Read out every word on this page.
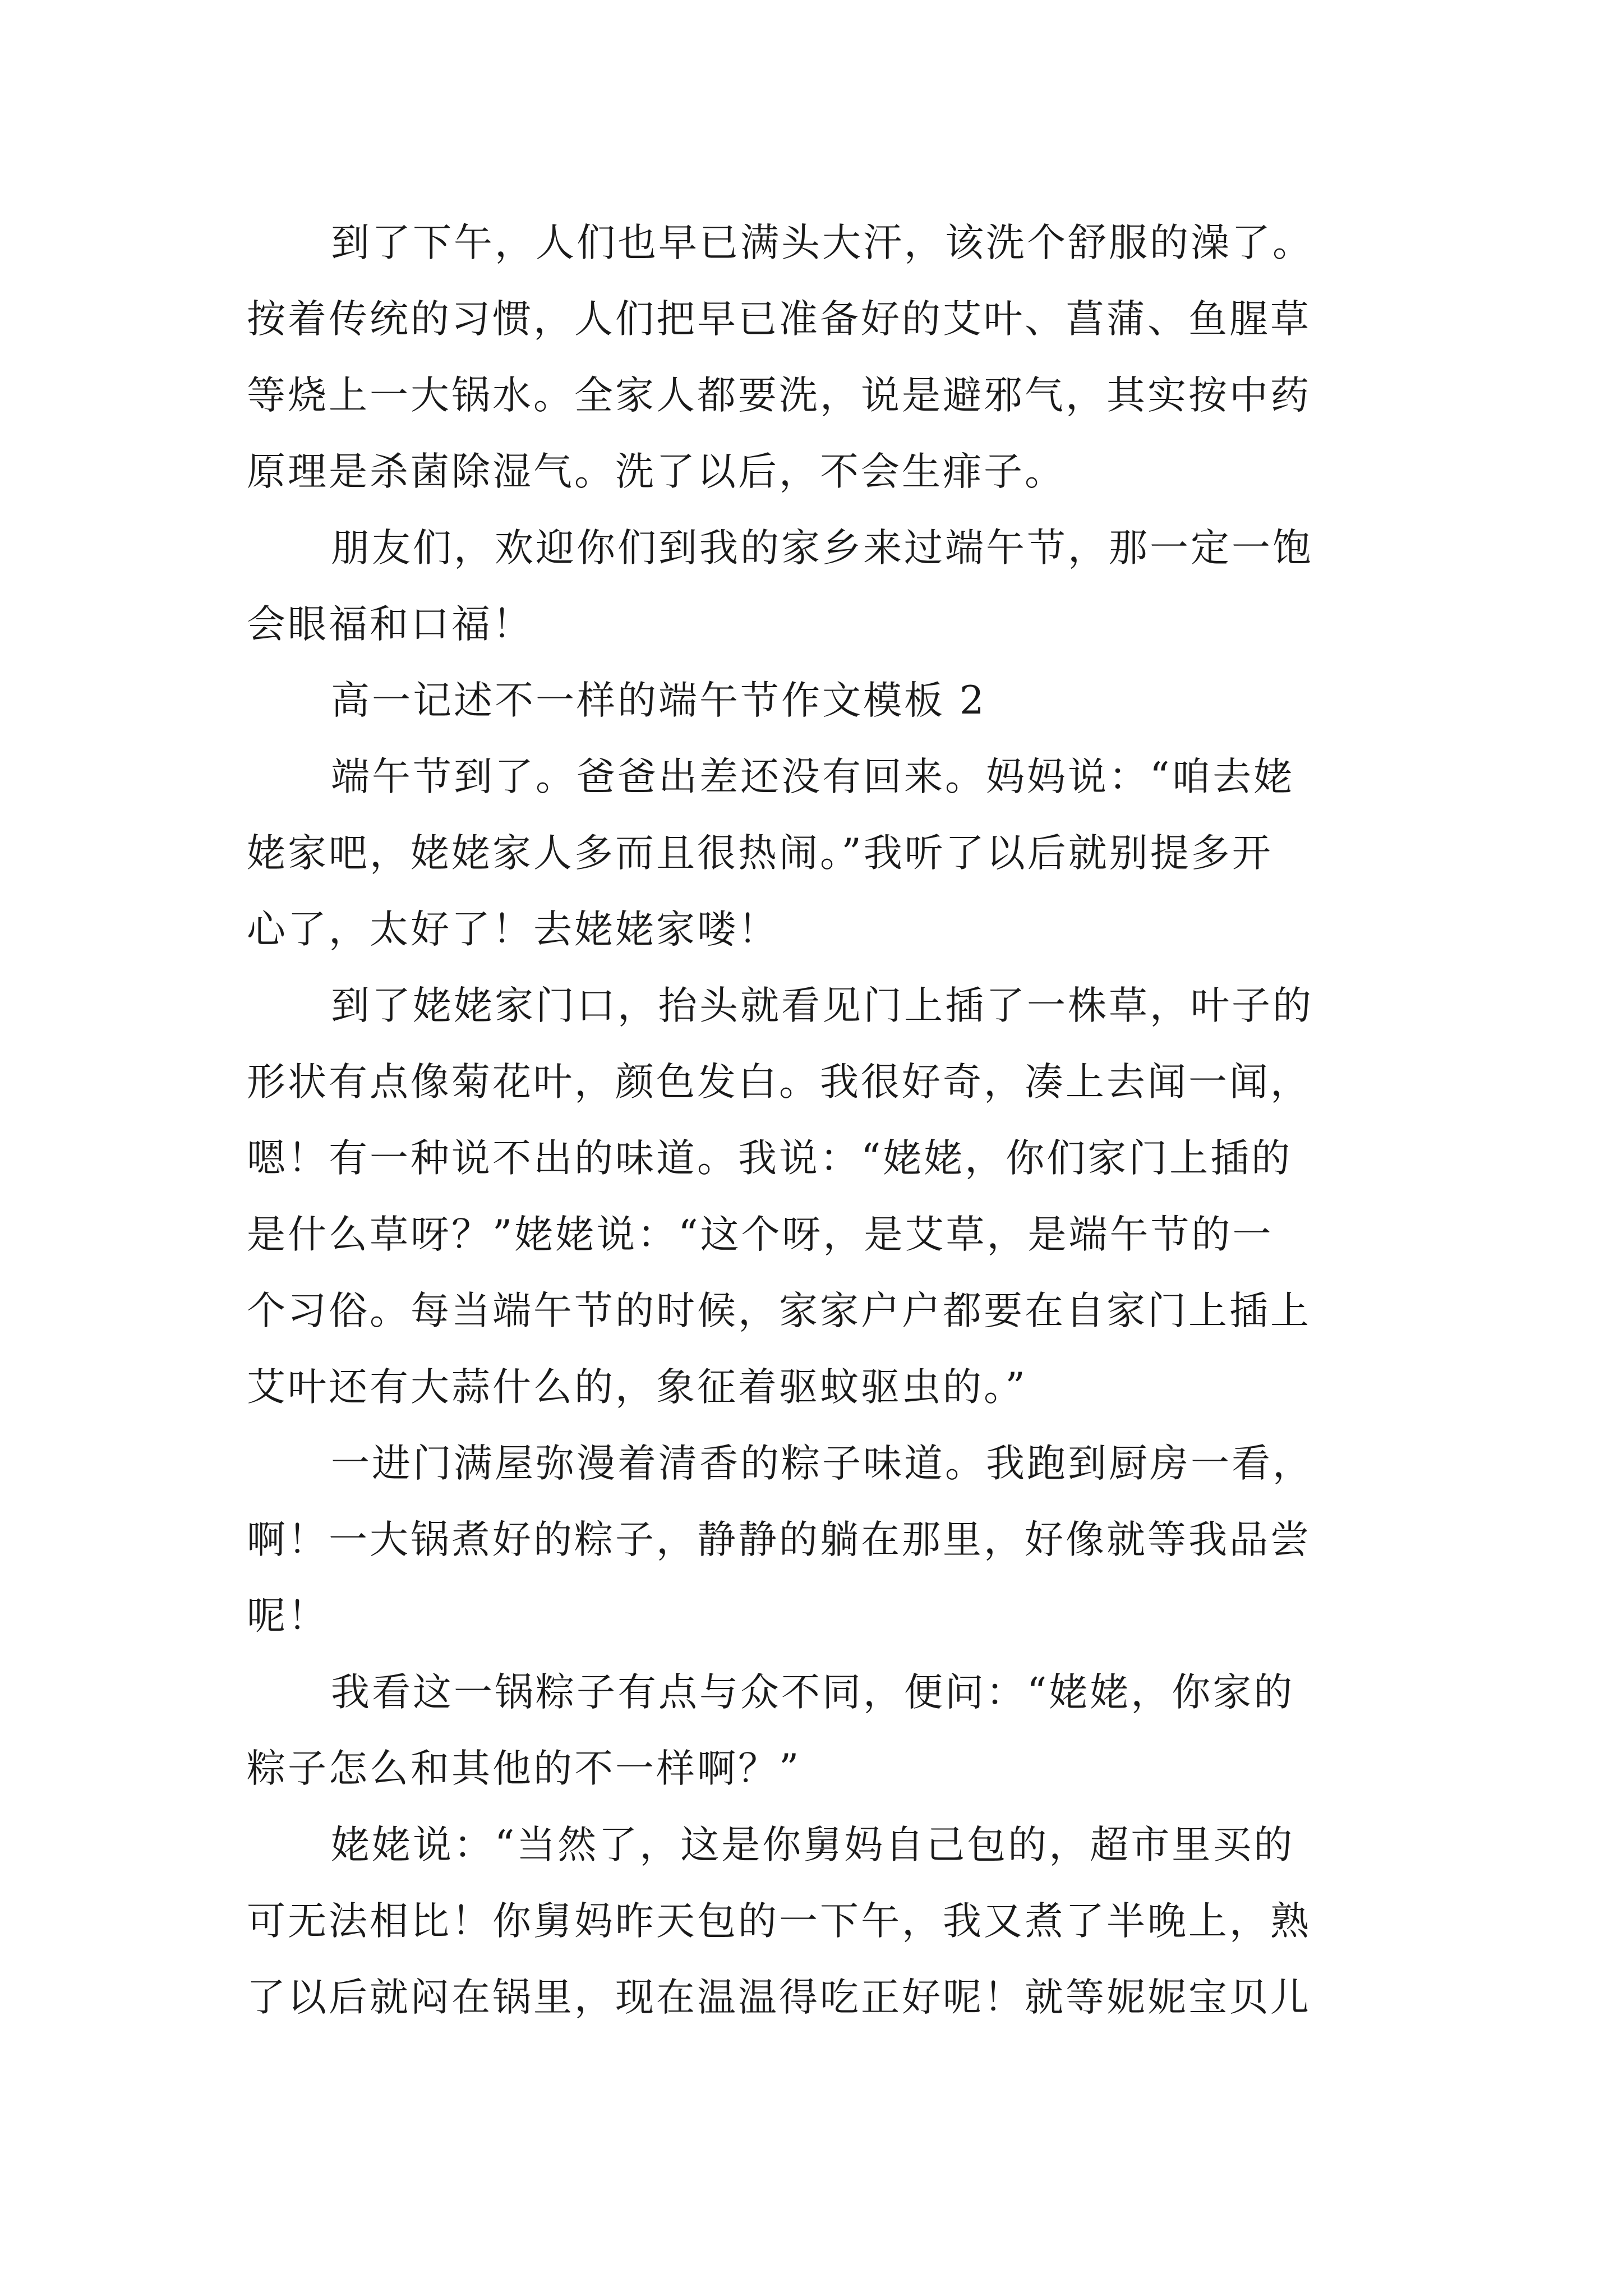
到了下午，人们也早已满头大汗，该洗个舒服的澡了。
按着传统的习惯，人们把早已准备好的艾叶、菖蒲、鱼腥草
等烧上一大锅水。全家人都要洗，说是避邪气，其实按中药
原理是杀菌除湿气。洗了以后，不会生痱子。

朋友们，欢迎你们到我的家乡来过端午节，那一定一饱
会眼福和口福！

高一记述不一样的端午节作文模板 2

端午节到了。爸爸出差还没有回来。妈妈说：“咱去姥
姥家吧，姥姥家人多而且很热闹。”我听了以后就别提多开
心了，太好了！去姥姥家喽！

到了姥姥家门口，抬头就看见门上插了一株草，叶子的
形状有点像菊花叶，颜色发白。我很好奇，凑上去闻一闻，
嗯！有一种说不出的味道。我说：“姥姥，你们家门上插的
是什么草呀？”姥姥说：“这个呀，是艾草，是端午节的一
个习俗。每当端午节的时候，家家户户都要在自家门上插上
艾叶还有大蒜什么的，象征着驱蚊驱虫的。”

一进门满屋弥漫着清香的粽子味道。我跑到厨房一看，
啊！一大锅煮好的粽子，静静的躺在那里，好像就等我品尝
呢！

我看这一锅粽子有点与众不同，便问：“姥姥，你家的
粽子怎么和其他的不一样啊？”

姥姥说：“当然了，这是你舅妈自己包的，超市里买的
可无法相比！你舅妈昨天包的一下午，我又煮了半晚上，熟
了以后就闷在锅里，现在温温得吃正好呢！就等妮妮宝贝儿
